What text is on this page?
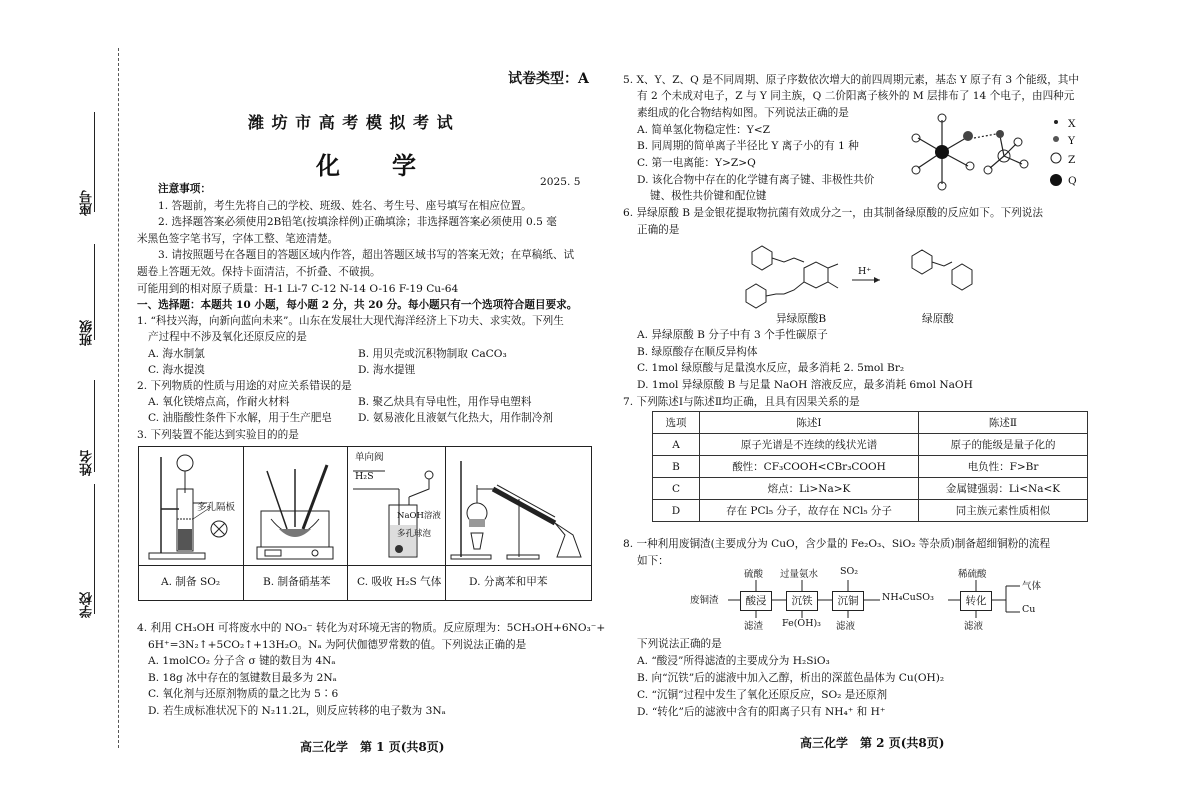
学校
姓名
班级
座号
试卷类型：A
潍 坊 市 高 考 模 拟 考 试
化　学
2025. 5
注意事项：
1. 答题前，考生先将自己的学校、班级、姓名、考生号、座号填写在相应位置。
2. 选择题答案必须使用2B铅笔(按填涂样例)正确填涂；非选择题答案必须使用 0.5 毫
米黑色签字笔书写，字体工整、笔迹清楚。
3. 请按照题号在各题目的答题区域内作答，超出答题区域书写的答案无效；在草稿纸、试
题卷上答题无效。保持卡面清洁，不折叠、不破损。
可能用到的相对原子质量：H-1 Li-7 C-12 N-14 O-16 F-19 Cu-64
一、选择题：本题共 10 小题，每小题 2 分，共 20 分。每小题只有一个选项符合题目要求。
1. “科技兴海，向新向蓝向未来”。山东在发展壮大现代海洋经济上下功夫、求实效。下列生
产过程中不涉及氧化还原反应的是
A. 海水制氯	B. 用贝壳或沉积物制取 CaCO₃
C. 海水提溴	D. 海水提锂
2. 下列物质的性质与用途的对应关系错误的是
A. 氧化镁熔点高，作耐火材料	B. 聚乙炔具有导电性，用作导电塑料
C. 油脂酸性条件下水解，用于生产肥皂 D. 氨易液化且液氨气化热大，用作制冷剂
3. 下列装置不能达到实验目的的是
多孔隔板
单向阀
H₂S
NaOH溶液
多孔球泡
A. 制备 SO₂	B. 制备硝基苯	C. 吸收 H₂S 气体	D. 分离苯和甲苯
4. 利用 CH₃OH 可将废水中的 NO₃⁻ 转化为对环境无害的物质。反应原理为：5CH₃OH+6NO₃⁻+
6H⁺=3N₂↑+5CO₂↑+13H₂O。Nₐ 为阿伏伽德罗常数的值。下列说法正确的是
A. 1molCO₂ 分子含 σ 键的数目为 4Nₐ
B. 18g 冰中存在的氢键数目最多为 2Nₐ
C. 氧化剂与还原剂物质的量之比为 5∶6
D. 若生成标准状况下的 N₂11.2L，则反应转移的电子数为 3Nₐ
高三化学　第 1 页(共8页)
5. X、Y、Z、Q 是不同周期、原子序数依次增大的前四周期元素，基态 Y 原子有 3 个能级，其中
有 2 个未成对电子，Z 与 Y 同主族，Q 二价阳离子核外的 M 层排布了 14 个电子，由四种元
素组成的化合物结构如图。下列说法正确的是
A. 简单氢化物稳定性：Y<Z
B. 同周期的简单离子半径比 Y 离子小的有 1 种
C. 第一电离能：Y>Z>Q
D. 该化合物中存在的化学键有离子键、非极性共价
键、极性共价键和配位键
X
Y
Z
Q
6. 异绿原酸 B 是金银花提取物抗菌有效成分之一，由其制备绿原酸的反应如下。下列说法
正确的是
H⁺
异绿原酸B	绿原酸
A. 异绿原酸 B 分子中有 3 个手性碳原子
B. 绿原酸存在顺反异构体
C. 1mol 绿原酸与足量溴水反应，最多消耗 2. 5mol Br₂
D. 1mol 异绿原酸 B 与足量 NaOH 溶液反应，最多消耗 6mol NaOH
7. 下列陈述Ⅰ与陈述Ⅱ均正确，且具有因果关系的是
选项	陈述Ⅰ	陈述Ⅱ
A	原子光谱是不连续的线状光谱	原子的能级是量子化的
B	酸性：CF₃COOH<CBr₃COOH	电负性：F>Br
C	熔点：Li>Na>K	金属键强弱：Li<Na<K
D	存在 PCl₅ 分子，故存在 NCl₅ 分子	同主族元素性质相似
8. 一种利用废铜渣(主要成分为 CuO，含少量的 Fe₂O₃、SiO₂ 等杂质)制备超细铜粉的流程
如下：
废铜渣	酸浸	沉铁	沉铜	NH₄CuSO₃	转化
硫酸 过量氨水 SO₂	稀硫酸
滤渣 Fe(OH)₃ 滤液	滤液
气体
Cu
下列说法正确的是
A. “酸浸”所得滤渣的主要成分为 H₂SiO₃
B. 向“沉铁”后的滤液中加入乙醇，析出的深蓝色晶体为 Cu(OH)₂
C. “沉铜”过程中发生了氧化还原反应，SO₂ 是还原剂
D. “转化”后的滤液中含有的阳离子只有 NH₄⁺ 和 H⁺
高三化学　第 2 页(共8页)
